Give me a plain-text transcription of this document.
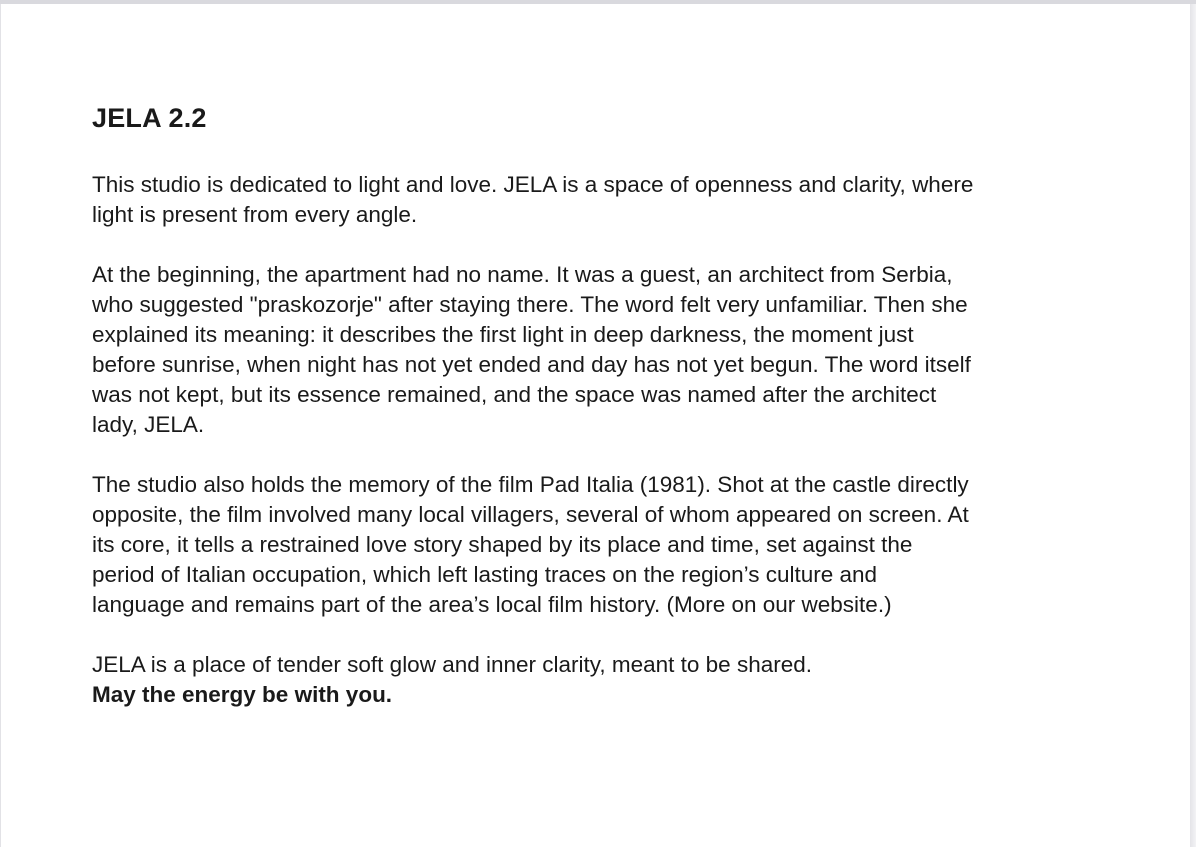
JELA 2.2

This studio is dedicated to light and love. JELA is a space of openness and clarity, where
light is present from every angle.

At the beginning, the apartment had no name. It was a guest, an architect from Serbia,
who suggested "praskozorje" after staying there. The word felt very unfamiliar. Then she
explained its meaning: it describes the first light in deep darkness, the moment just
before sunrise, when night has not yet ended and day has not yet begun. The word itself
was not kept, but its essence remained, and the space was named after the architect
lady, JELA.

The studio also holds the memory of the film Pad Italia (1981). Shot at the castle directly
opposite, the film involved many local villagers, several of whom appeared on screen. At
its core, it tells a restrained love story shaped by its place and time, set against the
period of Italian occupation, which left lasting traces on the region’s culture and
language and remains part of the area’s local film history. (More on our website.)

JELA is a place of tender soft glow and inner clarity, meant to be shared.
May the energy be with you.
